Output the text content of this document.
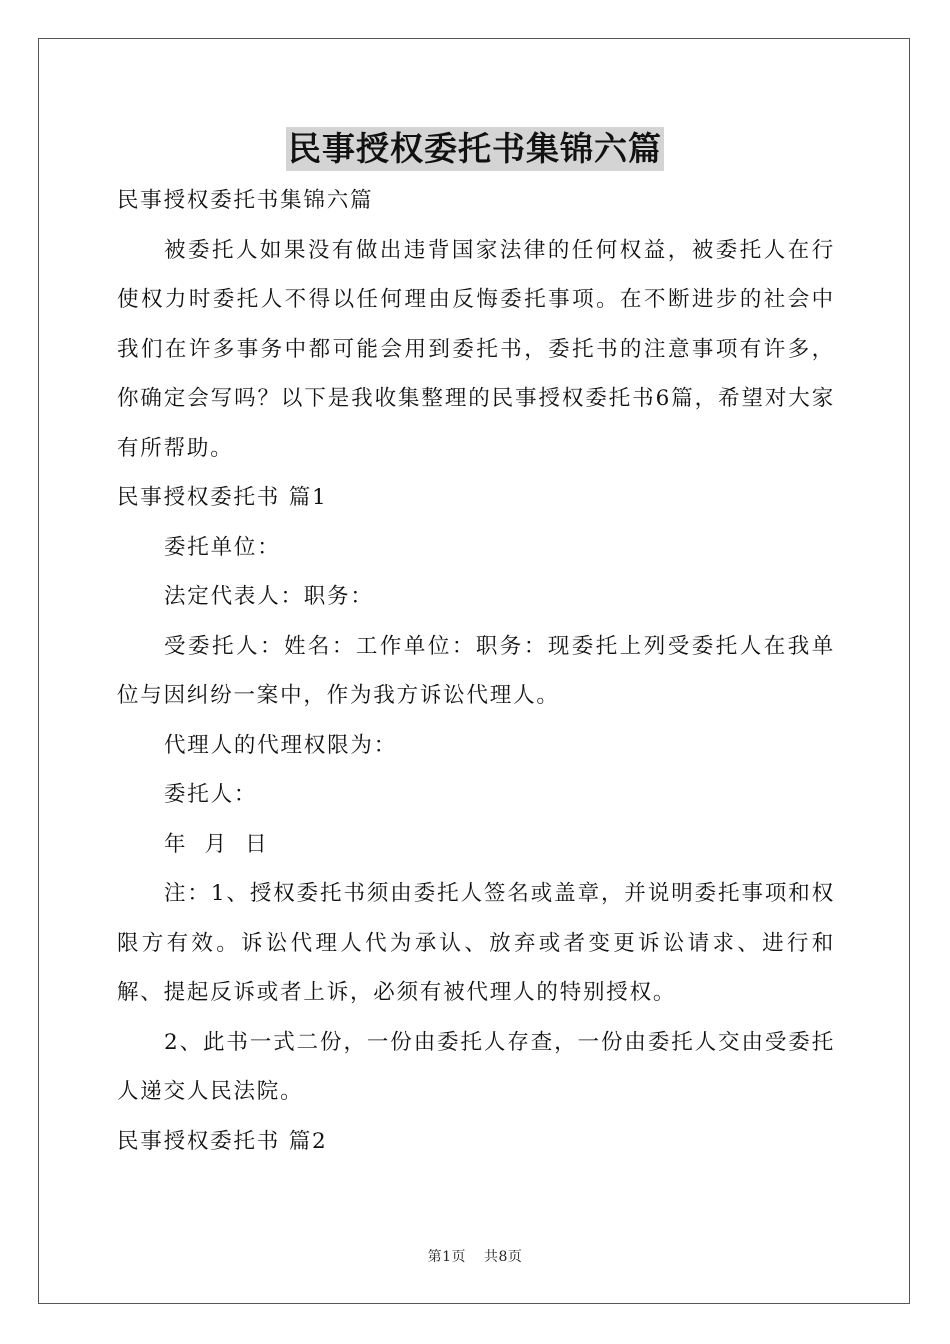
民事授权委托书集锦六篇

民事授权委托书集锦六篇

被委托人如果没有做出违背国家法律的任何权益，被委托人在行使权力时委托人不得以任何理由反悔委托事项。在不断进步的社会中我们在许多事务中都可能会用到委托书，委托书的注意事项有许多，你确定会写吗？以下是我收集整理的民事授权委托书6篇，希望对大家有所帮助。

民事授权委托书 篇1

委托单位：

法定代表人：职务：

受委托人：姓名：工作单位：职务：现委托上列受委托人在我单位与因纠纷一案中，作为我方诉讼代理人。

代理人的代理权限为：

委托人：

年  月  日

注：1、授权委托书须由委托人签名或盖章，并说明委托事项和权限方有效。诉讼代理人代为承认、放弃或者变更诉讼请求、进行和解、提起反诉或者上诉，必须有被代理人的特别授权。

2、此书一式二份，一份由委托人存查，一份由委托人交由受委托人递交人民法院。

民事授权委托书 篇2

第1页 共8页
